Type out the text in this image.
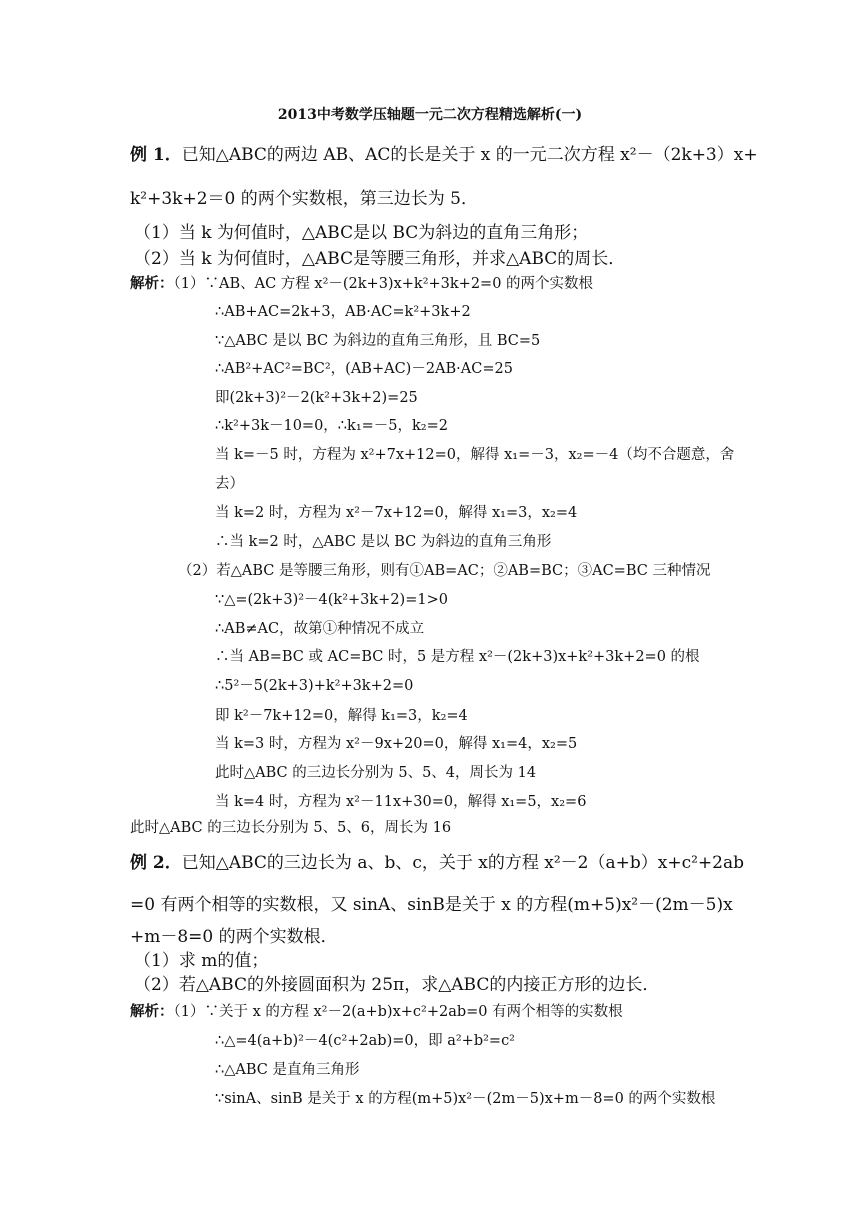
2013中考数学压轴题一元二次方程精选解析(一)
例 1．已知△ABC的两边 AB、AC的长是关于 x 的一元二次方程 x²－（2k+3）x+
k²+3k+2＝0 的两个实数根，第三边长为 5．
（1）当 k 为何值时，△ABC是以 BC为斜边的直角三角形；
（2）当 k 为何值时，△ABC是等腰三角形，并求△ABC的周长．
解析：（1）∵AB、AC 方程 x²－(2k+3)x+k²+3k+2=0 的两个实数根
∴AB+AC=2k+3，AB·AC=k²+3k+2
∵△ABC 是以 BC 为斜边的直角三角形，且 BC=5
∴AB²+AC²=BC²，(AB+AC)－2AB·AC=25
即(2k+3)²－2(k²+3k+2)=25
∴k²+3k－10=0，∴k₁=－5，k₂=2
当 k=－5 时，方程为 x²+7x+12=0，解得 x₁=－3，x₂=－4（均不合题意，舍
去）
当 k=2 时，方程为 x²－7x+12=0，解得 x₁=3，x₂=4
∴当 k=2 时，△ABC 是以 BC 为斜边的直角三角形
（2）若△ABC 是等腰三角形，则有①AB=AC；②AB=BC；③AC=BC 三种情况
∵△=(2k+3)²－4(k²+3k+2)=1>0
∴AB≠AC，故第①种情况不成立
∴当 AB=BC 或 AC=BC 时，5 是方程 x²－(2k+3)x+k²+3k+2=0 的根
∴5²－5(2k+3)+k²+3k+2=0
即 k²－7k+12=0，解得 k₁=3，k₂=4
当 k=3 时，方程为 x²－9x+20=0，解得 x₁=4，x₂=5
此时△ABC 的三边长分别为 5、5、4，周长为 14
当 k=4 时，方程为 x²－11x+30=0，解得 x₁=5，x₂=6
此时△ABC 的三边长分别为 5、5、6，周长为 16
例 2．已知△ABC的三边长为 a、b、c，关于 x的方程 x²－2（a+b）x+c²+2ab
=0 有两个相等的实数根，又 sinA、sinB是关于 x 的方程(m+5)x²－(2m－5)x
+m－8=0 的两个实数根．
（1）求 m的值；
（2）若△ABC的外接圆面积为 25π，求△ABC的内接正方形的边长．
解析：（1）∵关于 x 的方程 x²－2(a+b)x+c²+2ab=0 有两个相等的实数根
∴△=4(a+b)²－4(c²+2ab)=0，即 a²+b²=c²
∴△ABC 是直角三角形
∵sinA、sinB 是关于 x 的方程(m+5)x²－(2m－5)x+m－8=0 的两个实数根
